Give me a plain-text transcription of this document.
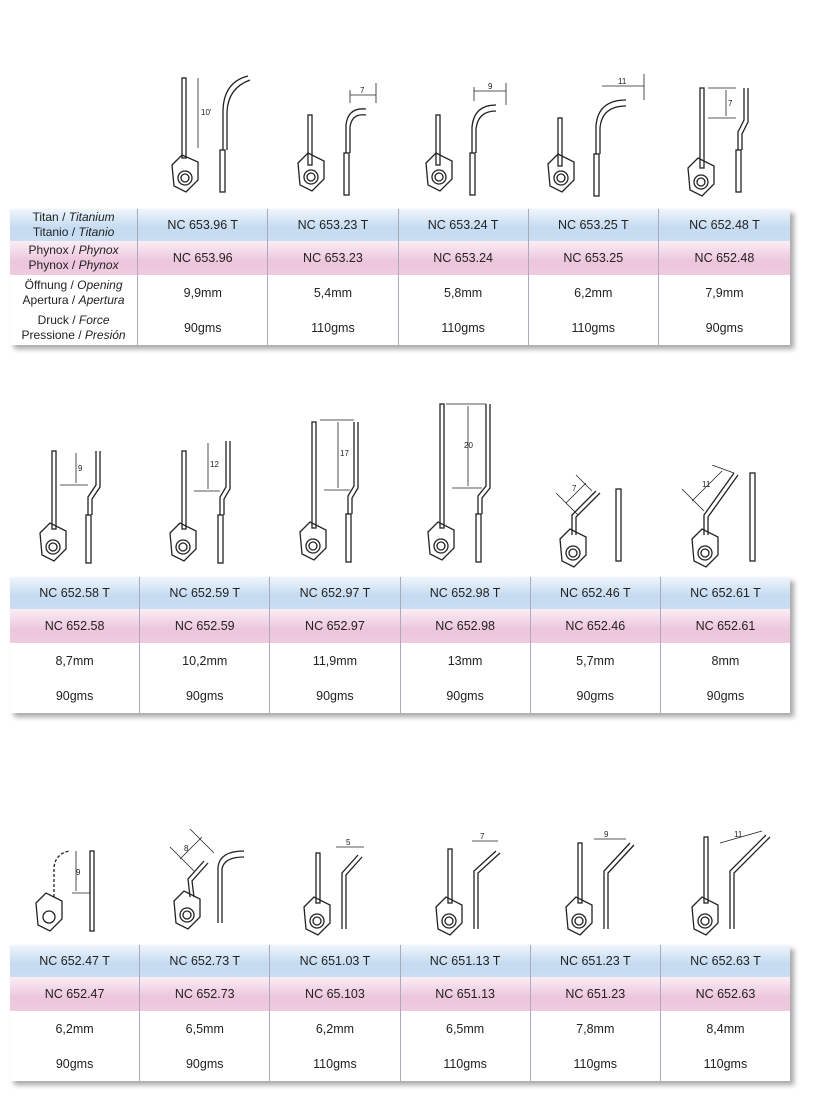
10'
7	9
11
7
Titan / Titanium
Titanio / Titanio	NC 653.96 T	NC 653.23 T	NC 653.24 T	NC 653.25 T	NC 652.48 T
Phynox / Phynox
Phynox / Phynox	NC 653.96	NC 653.23	NC 653.24	NC 653.25	NC 652.48
Öffnung / Opening
Apertura / Apertura	9,9mm	5,4mm	5,8mm	6,2mm	7,9mm
Druck / Force
Pressione / Presión	90gms	110gms	110gms	110gms	90gms
9	12
17
20
7	11
NC 652.58 T	NC 652.59 T	NC 652.97 T	NC 652.98 T	NC 652.46 T	NC 652.61 T
NC 652.58	NC 652.59	NC 652.97	NC 652.98	NC 652.46	NC 652.61
8,7mm	10,2mm	11,9mm	13mm	5,7mm	8mm
90gms	90gms	90gms	90gms	90gms	90gms
9
8
5
7	9	11
NC 652.47 T	NC 652.73 T	NC 651.03 T	NC 651.13 T	NC 651.23 T	NC 652.63 T
NC 652.47	NC 652.73	NC 65.103	NC 651.13	NC 651.23	NC 652.63
6,2mm	6,5mm	6,2mm	6,5mm	7,8mm	8,4mm
90gms	90gms	110gms	110gms	110gms	110gms
